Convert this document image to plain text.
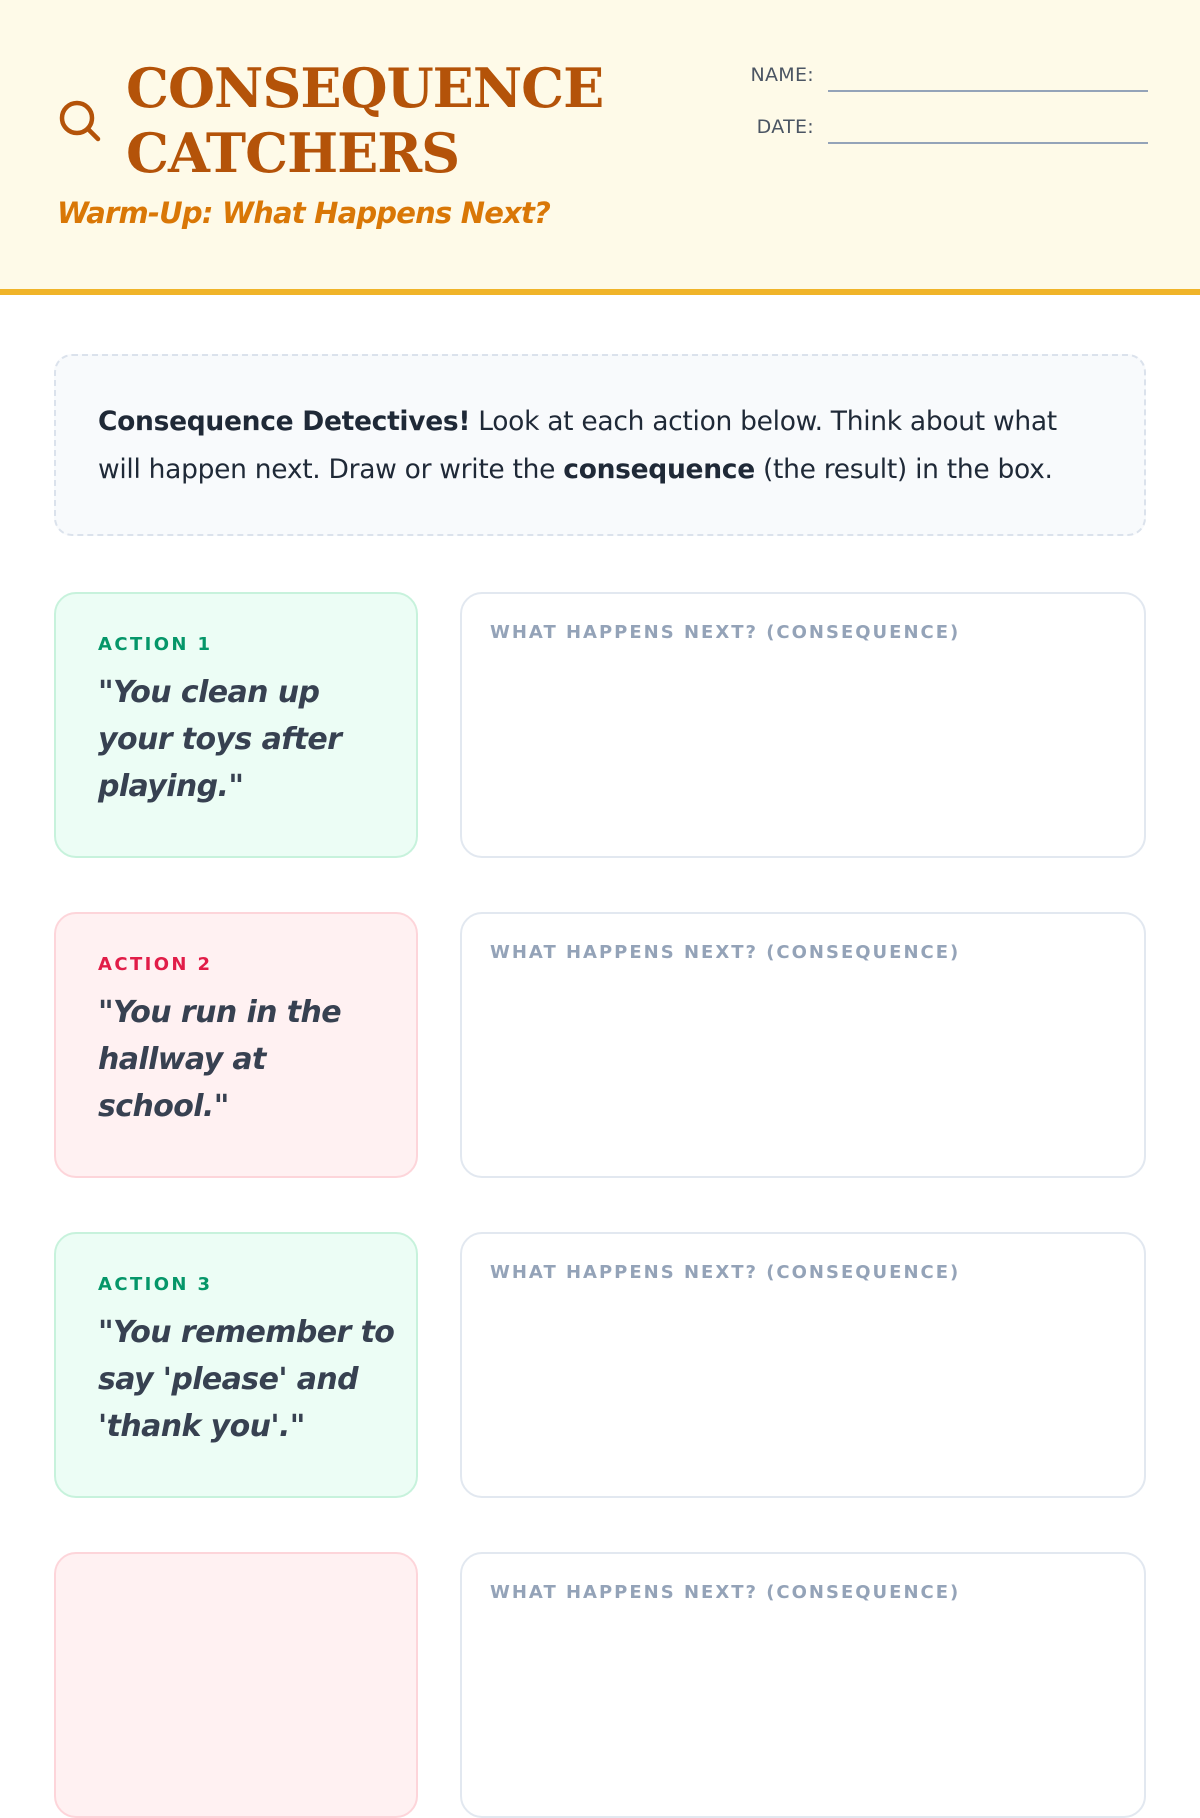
CONSEQUENCE
CATCHERS
Warm-Up: What Happens Next?
NAME:
DATE:
Consequence Detectives! Look at each action below. Think about what will happen next. Draw or write the consequence (the result) in the box.
ACTION 1
"You clean up your toys after playing."
WHAT HAPPENS NEXT? (CONSEQUENCE)
ACTION 2
"You run in the hallway at school."
WHAT HAPPENS NEXT? (CONSEQUENCE)
ACTION 3
"You remember to say 'please' and 'thank you'."
WHAT HAPPENS NEXT? (CONSEQUENCE)
WHAT HAPPENS NEXT? (CONSEQUENCE)
